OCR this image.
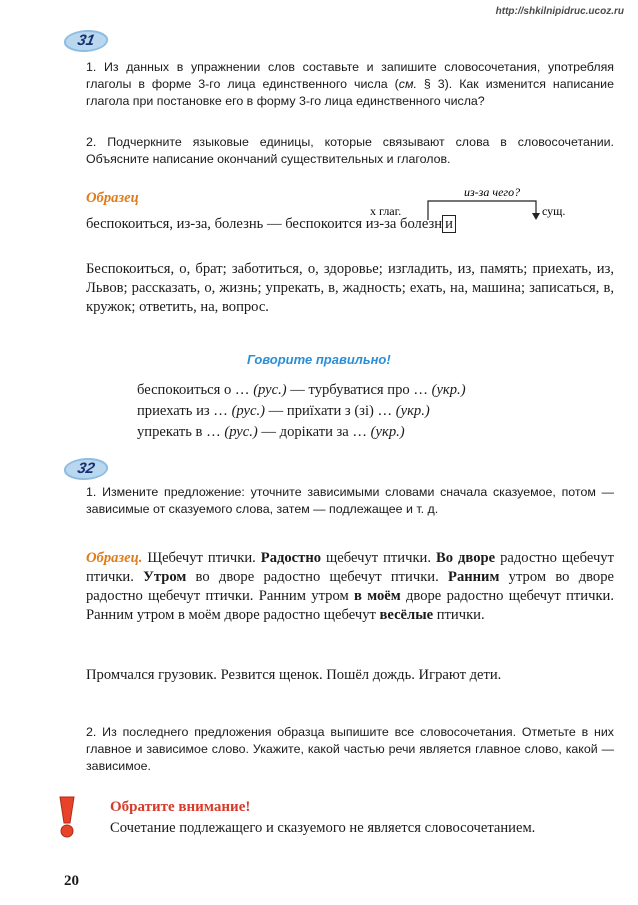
http://shkilnipidruc.ucoz.ru
31
1. Из данных в упражнении слов составьте и запишите словосочетания, употребляя глаголы в форме 3-го лица единственного числа (см. § 3). Как изменится написание глагола при постановке его в форму 3-го лица единственного числа?
2. Подчеркните языковые единицы, которые связывают слова в словосочетании. Объясните написание окончаний существительных и глаголов.
Образец	из-за чего?
х глаг.	сущ.
беспокоиться, из-за, болезнь — беспокоится из-за болезн и
Беспокоиться, о, брат; заботиться, о, здоровье; изгладить, из, память; приехать, из, Львов; рассказать, о, жизнь; упрекать, в, жадность; ехать, на, машина; записаться, в, кружок; ответить, на, вопрос.
Говорите правильно!
беспокоиться о … (рус.) — турбуватися про … (укр.)
приехать из … (рус.) — приїхати з (зі) … (укр.)
упрекать в … (рус.) — дорікати за … (укр.)
32
1. Измените предложение: уточните зависимыми словами сначала сказуемое, потом — зависимые от сказуемого слова, затем — подлежащее и т. д.
Образец. Щебечут птички. Радостно щебечут птички. Во дворе радостно щебечут птички. Утром во дворе радостно щебечут птички. Ранним утром во дворе радостно щебечут птички. Ранним утром в моём дворе радостно щебечут птички. Ранним утром в моём дворе радостно щебечут весёлые птички.
Промчался грузовик. Резвится щенок. Пошёл дождь. Играют дети.
2. Из последнего предложения образца выпишите все словосочетания. Отметьте в них главное и зависимое слово. Укажите, какой частью речи является главное слово, какой — зависимое.
Обратите внимание!
Сочетание подлежащего и сказуемого не является словосочетанием.
20
